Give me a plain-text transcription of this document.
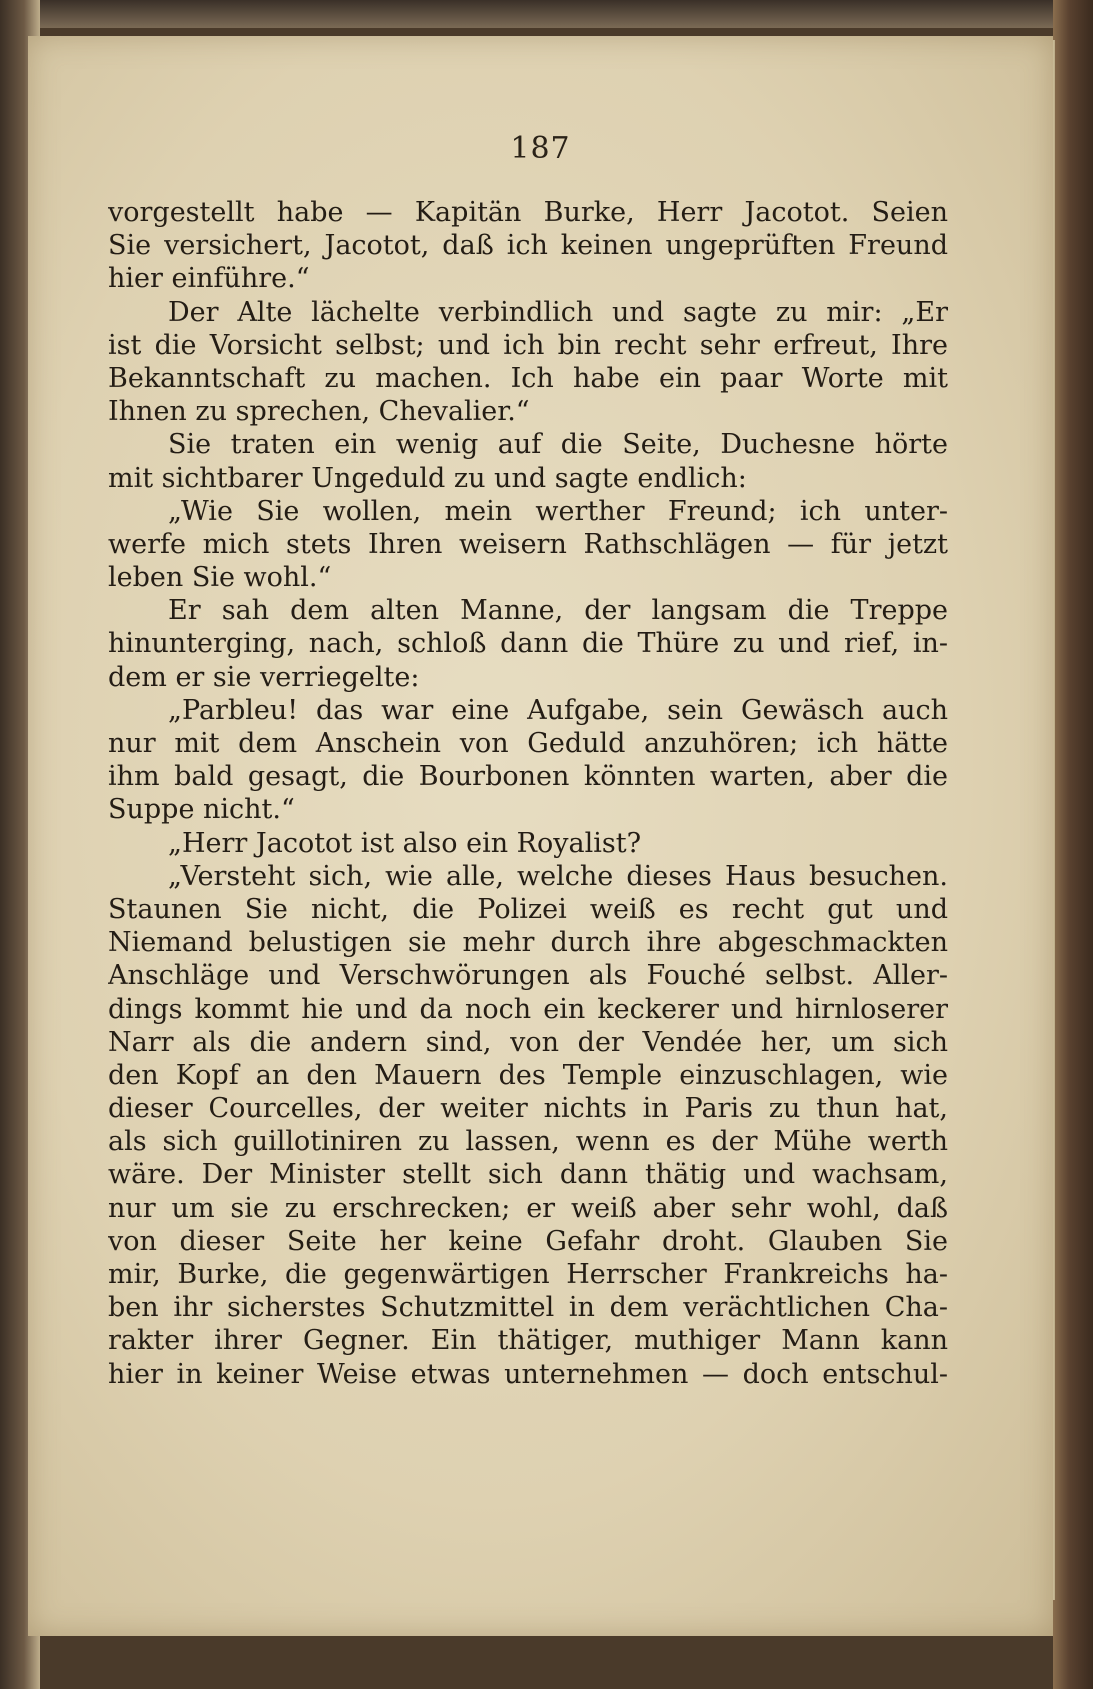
187
vorgestellt habe — Kapitän Burke, Herr Jacotot. Seien
Sie versichert, Jacotot, daß ich keinen ungeprüften Freund
hier einführe.“
Der Alte lächelte verbindlich und sagte zu mir: „Er
ist die Vorsicht selbst; und ich bin recht sehr erfreut, Ihre
Bekanntschaft zu machen. Ich habe ein paar Worte mit
Ihnen zu sprechen, Chevalier.“
Sie traten ein wenig auf die Seite, Duchesne hörte
mit sichtbarer Ungeduld zu und sagte endlich:
„Wie Sie wollen, mein werther Freund; ich unter-
werfe mich stets Ihren weisern Rathschlägen — für jetzt
leben Sie wohl.“
Er sah dem alten Manne, der langsam die Treppe
hinunterging, nach, schloß dann die Thüre zu und rief, in-
dem er sie verriegelte:
„Parbleu! das war eine Aufgabe, sein Gewäsch auch
nur mit dem Anschein von Geduld anzuhören; ich hätte
ihm bald gesagt, die Bourbonen könnten warten, aber die
Suppe nicht.“
„Herr Jacotot ist also ein Royalist?
„Versteht sich, wie alle, welche dieses Haus besuchen.
Staunen Sie nicht, die Polizei weiß es recht gut und
Niemand belustigen sie mehr durch ihre abgeschmackten
Anschläge und Verschwörungen als Fouché selbst. Aller-
dings kommt hie und da noch ein keckerer und hirnloserer
Narr als die andern sind, von der Vendée her, um sich
den Kopf an den Mauern des Temple einzuschlagen, wie
dieser Courcelles, der weiter nichts in Paris zu thun hat,
als sich guillotiniren zu lassen, wenn es der Mühe werth
wäre. Der Minister stellt sich dann thätig und wachsam,
nur um sie zu erschrecken; er weiß aber sehr wohl, daß
von dieser Seite her keine Gefahr droht. Glauben Sie
mir, Burke, die gegenwärtigen Herrscher Frankreichs ha-
ben ihr sicherstes Schutzmittel in dem verächtlichen Cha-
rakter ihrer Gegner. Ein thätiger, muthiger Mann kann
hier in keiner Weise etwas unternehmen — doch entschul-
